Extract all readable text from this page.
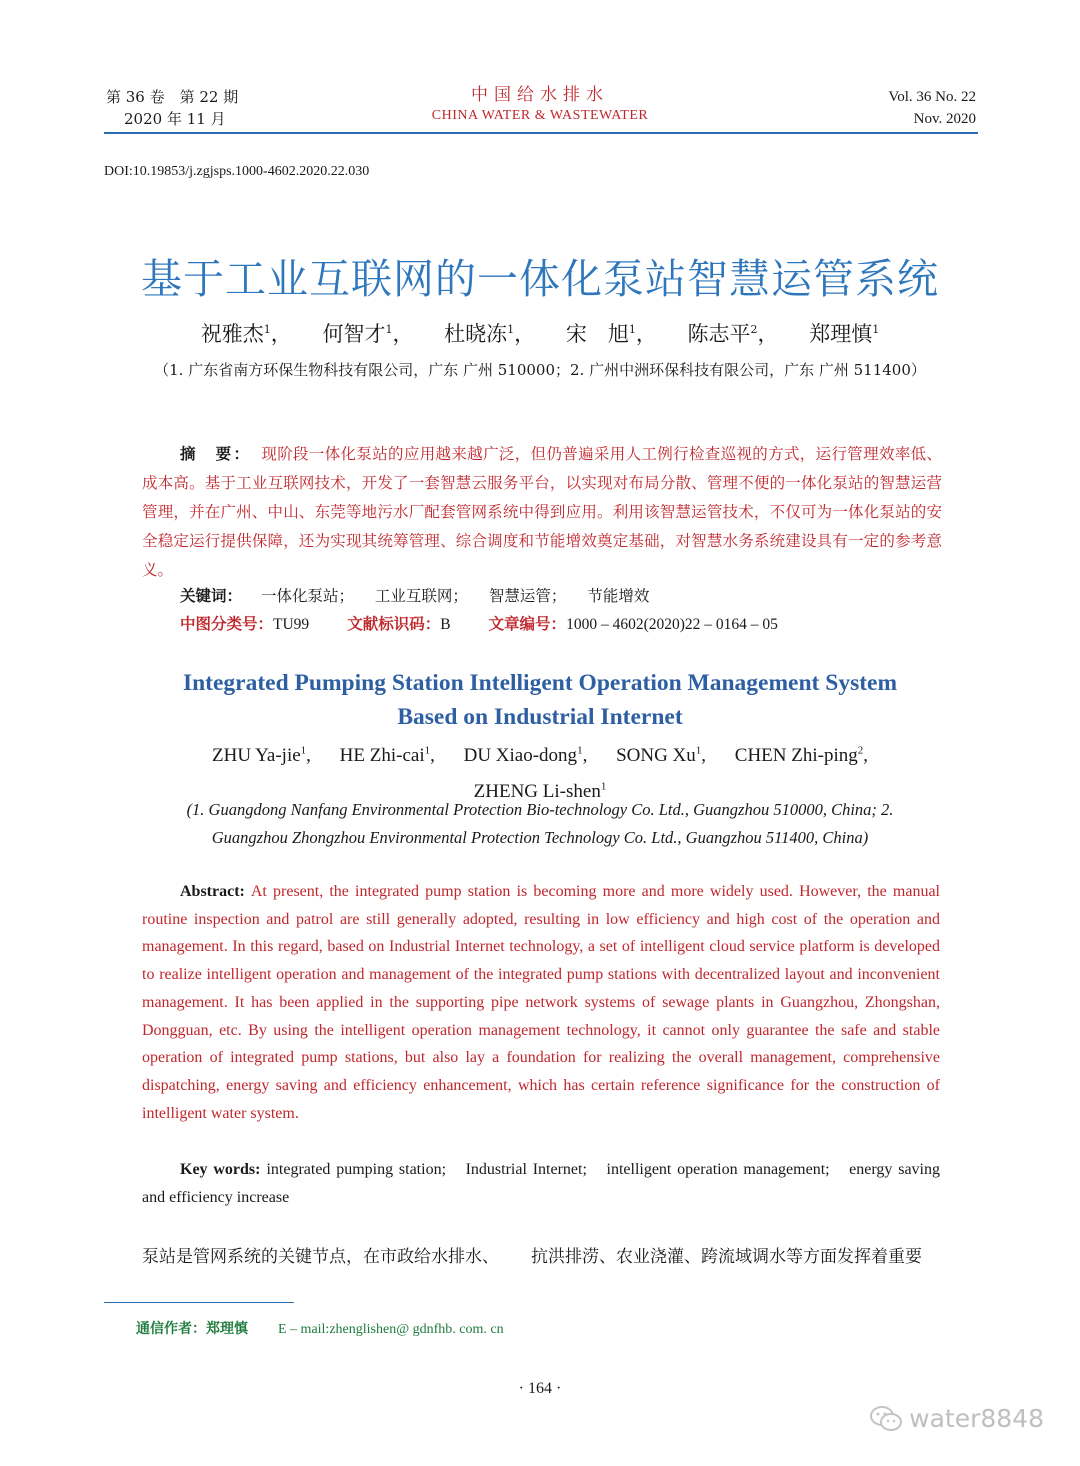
第 36 卷　第 22 期
2020 年 11 月
中国给水排水
CHINA WATER & WASTEWATER
Vol. 36 No. 22
Nov. 2020
DOI:10.19853/j.zgjsps.1000-4602.2020.22.030
基于工业互联网的一体化泵站智慧运管系统
祝雅杰$^1$， 何智才$^1$， 杜晓冻$^1$， 宋　旭$^1$， 陈志平$^2$， 郑理慎$^1$
（1. 广东省南方环保生物科技有限公司，广东 广州 510000；2. 广州中洲环保科技有限公司，广东 广州 511400）
摘　要： 现阶段一体化泵站的应用越来越广泛，但仍普遍采用人工例行检查巡视的方式，运行管理效率低、成本高。基于工业互联网技术，开发了一套智慧云服务平台，以实现对布局分散、管理不便的一体化泵站的智慧运营管理，并在广州、中山、东莞等地污水厂配套管网系统中得到应用。利用该智慧运管技术，不仅可为一体化泵站的安全稳定运行提供保障，还为实现其统筹管理、综合调度和节能增效奠定基础，对智慧水务系统建设具有一定的参考意义。
关键词： 一体化泵站； 工业互联网； 智慧运管； 节能增效
中图分类号：TU99 文献标识码：B 文章编号：1000 – 4602(2020)22 – 0164 – 05
Integrated Pumping Station Intelligent Operation Management System
Based on Industrial Internet
ZHU Ya-jie$^1$, HE Zhi-cai$^1$, DU Xiao-dong$^1$, SONG Xu$^1$, CHEN Zhi-ping$^2$,
ZHENG Li-shen$^1$
(1. Guangdong Nanfang Environmental Protection Bio-technology Co. Ltd., Guangzhou 510000, China; 2. Guangzhou Zhongzhou Environmental Protection Technology Co. Ltd., Guangzhou 511400, China)
Abstract: At present, the integrated pump station is becoming more and more widely used. However, the manual routine inspection and patrol are still generally adopted, resulting in low efficiency and high cost of the operation and management. In this regard, based on Industrial Internet technology, a set of intelligent cloud service platform is developed to realize intelligent operation and management of the integrated pump stations with decentralized layout and inconvenient management. It has been applied in the supporting pipe network systems of sewage plants in Guangzhou, Zhongshan, Dongguan, etc. By using the intelligent operation management technology, it cannot only guarantee the safe and stable operation of integrated pump stations, but also lay a foundation for realizing the overall management, comprehensive dispatching, energy saving and efficiency enhancement, which has certain reference significance for the construction of intelligent water system.
Key words: integrated pumping station;　Industrial Internet;　intelligent operation management;　energy saving and efficiency increase
泵站是管网系统的关键节点，在市政给水排水、 抗洪排涝、农业浇灌、跨流域调水等方面发挥着重要
通信作者：郑理慎 E – mail:zhenglishen@ gdnfhb. com. cn
· 164 ·
water8848
